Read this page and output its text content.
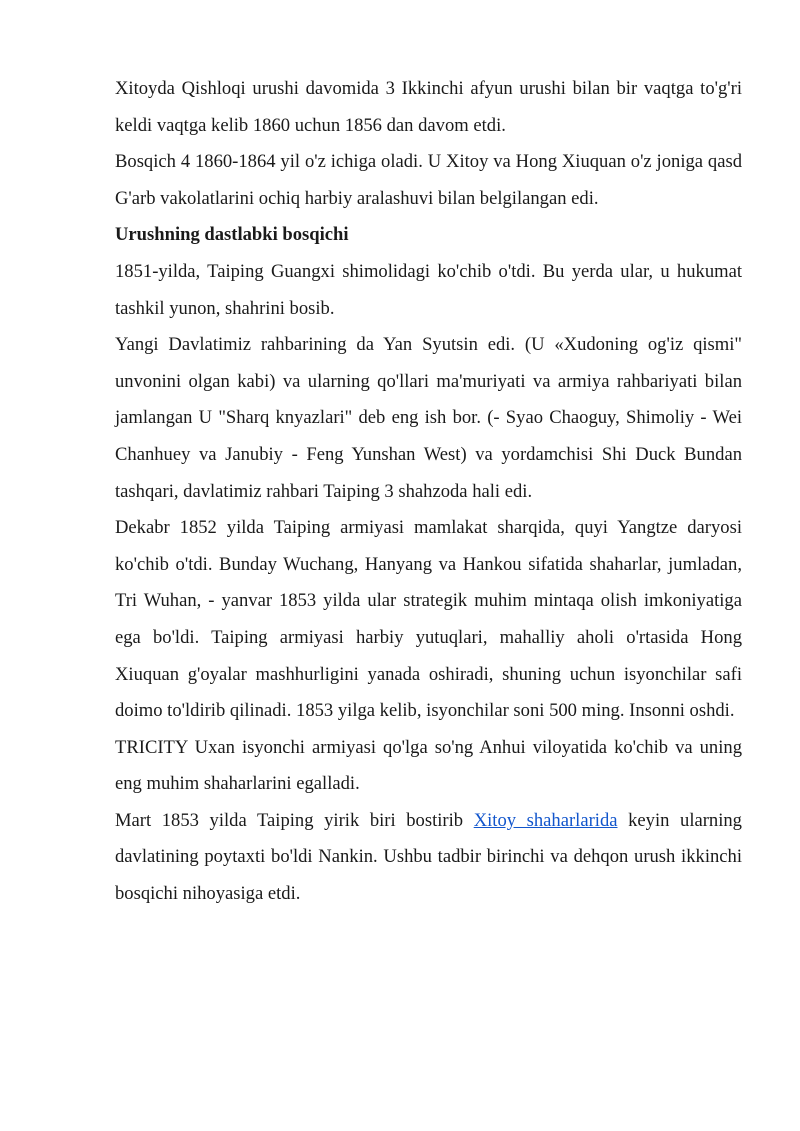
Xitoyda Qishloqi urushi davomida 3 Ikkinchi afyun urushi bilan bir vaqtga to'g'ri keldi vaqtga kelib 1860 uchun 1856 dan davom etdi.

Bosqich 4 1860-1864 yil o'z ichiga oladi. U Xitoy va Hong Xiuquan o'z joniga qasd G'arb vakolatlarini ochiq harbiy aralashuvi bilan belgilangan edi.

Urushning dastlabki bosqichi

1851-yilda, Taiping Guangxi shimolidagi ko'chib o'tdi. Bu yerda ular, u hukumat tashkil yunon, shahrini bosib.

Yangi Davlatimiz rahbarining da Yan Syutsin edi. (U «Xudoning og'iz qismi" unvonini olgan kabi) va ularning qo'llari ma'muriyati va armiya rahbariyati bilan jamlangan U "Sharq knyazlari" deb eng ish bor. (- Syao Chaoguy, Shimoliy - Wei Chanhuey va Janubiy - Feng Yunshan West) va yordamchisi Shi Duck Bundan tashqari, davlatimiz rahbari Taiping 3 shahzoda hali edi.

Dekabr 1852 yilda Taiping armiyasi mamlakat sharqida, quyi Yangtze daryosi ko'chib o'tdi. Bunday Wuchang, Hanyang va Hankou sifatida shaharlar, jumladan, Tri Wuhan, - yanvar 1853 yilda ular strategik muhim mintaqa olish imkoniyatiga ega bo'ldi. Taiping armiyasi harbiy yutuqlari, mahalliy aholi o'rtasida Hong Xiuquan g'oyalar mashhurligini yanada oshiradi, shuning uchun isyonchilar safi doimo to'ldirib qilinadi. 1853 yilga kelib, isyonchilar soni 500 ming. Insonni oshdi.

TRICITY Uxan isyonchi armiyasi qo'lga so'ng Anhui viloyatida ko'chib va uning eng muhim shaharlarini egalladi.

Mart 1853 yilda Taiping yirik biri bostirib Xitoy shaharlarida keyin ularning davlatining poytaxti bo'ldi Nankin. Ushbu tadbir birinchi va dehqon urush ikkinchi bosqichi nihoyasiga etdi.
